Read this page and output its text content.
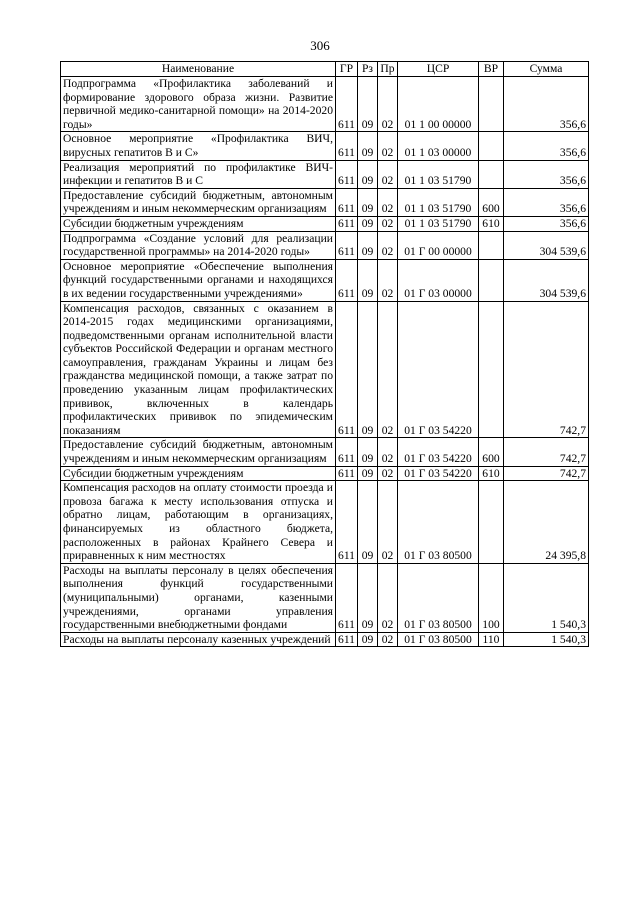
306
Наименование	ГР	Рз	Пр	ЦСР	ВР	Сумма
Подпрограмма «Профилактика заболеваний и формирование здорового образа жизни. Развитие первичной медико-санитарной помощи» на 2014-2020 годы»	611	09	02	01 1 00 00000		356,6
Основное мероприятие «Профилактика ВИЧ, вирусных гепатитов В и С»	611	09	02	01 1 03 00000		356,6
Реализация мероприятий по профилактике ВИЧ-инфекции и гепатитов В и С	611	09	02	01 1 03 51790		356,6
Предоставление субсидий бюджетным, автономным учреждениям и иным некоммерческим организациям	611	09	02	01 1 03 51790	600	356,6
Субсидии бюджетным учреждениям	611	09	02	01 1 03 51790	610	356,6
Подпрограмма «Создание условий для реализации государственной программы» на 2014-2020 годы»	611	09	02	01 Г 00 00000		304 539,6
Основное мероприятие «Обеспечение выполнения функций государственными органами и находящихся в их ведении государственными учреждениями»	611	09	02	01 Г 03 00000		304 539,6
Компенсация расходов, связанных с оказанием в 2014-2015 годах медицинскими организациями, подведомственными органам исполнительной власти субъектов Российской Федерации и органам местного самоуправления, гражданам Украины и лицам без гражданства медицинской помощи, а также затрат по проведению указанным лицам профилактических прививок, включенных в календарь профилактических прививок по эпидемическим показаниям	611	09	02	01 Г 03 54220		742,7
Предоставление субсидий бюджетным, автономным учреждениям и иным некоммерческим организациям	611	09	02	01 Г 03 54220	600	742,7
Субсидии бюджетным учреждениям	611	09	02	01 Г 03 54220	610	742,7
Компенсация расходов на оплату стоимости проезда и провоза багажа к месту использования отпуска и обратно лицам, работающим в организациях, финансируемых из областного бюджета, расположенных в районах Крайнего Севера и приравненных к ним местностях	611	09	02	01 Г 03 80500		24 395,8
Расходы на выплаты персоналу в целях обеспечения выполнения функций государственными (муниципальными) органами, казенными учреждениями, органами управления государственными внебюджетными фондами	611	09	02	01 Г 03 80500	100	1 540,3
Расходы на выплаты персоналу казенных учреждений	611	09	02	01 Г 03 80500	110	1 540,3
